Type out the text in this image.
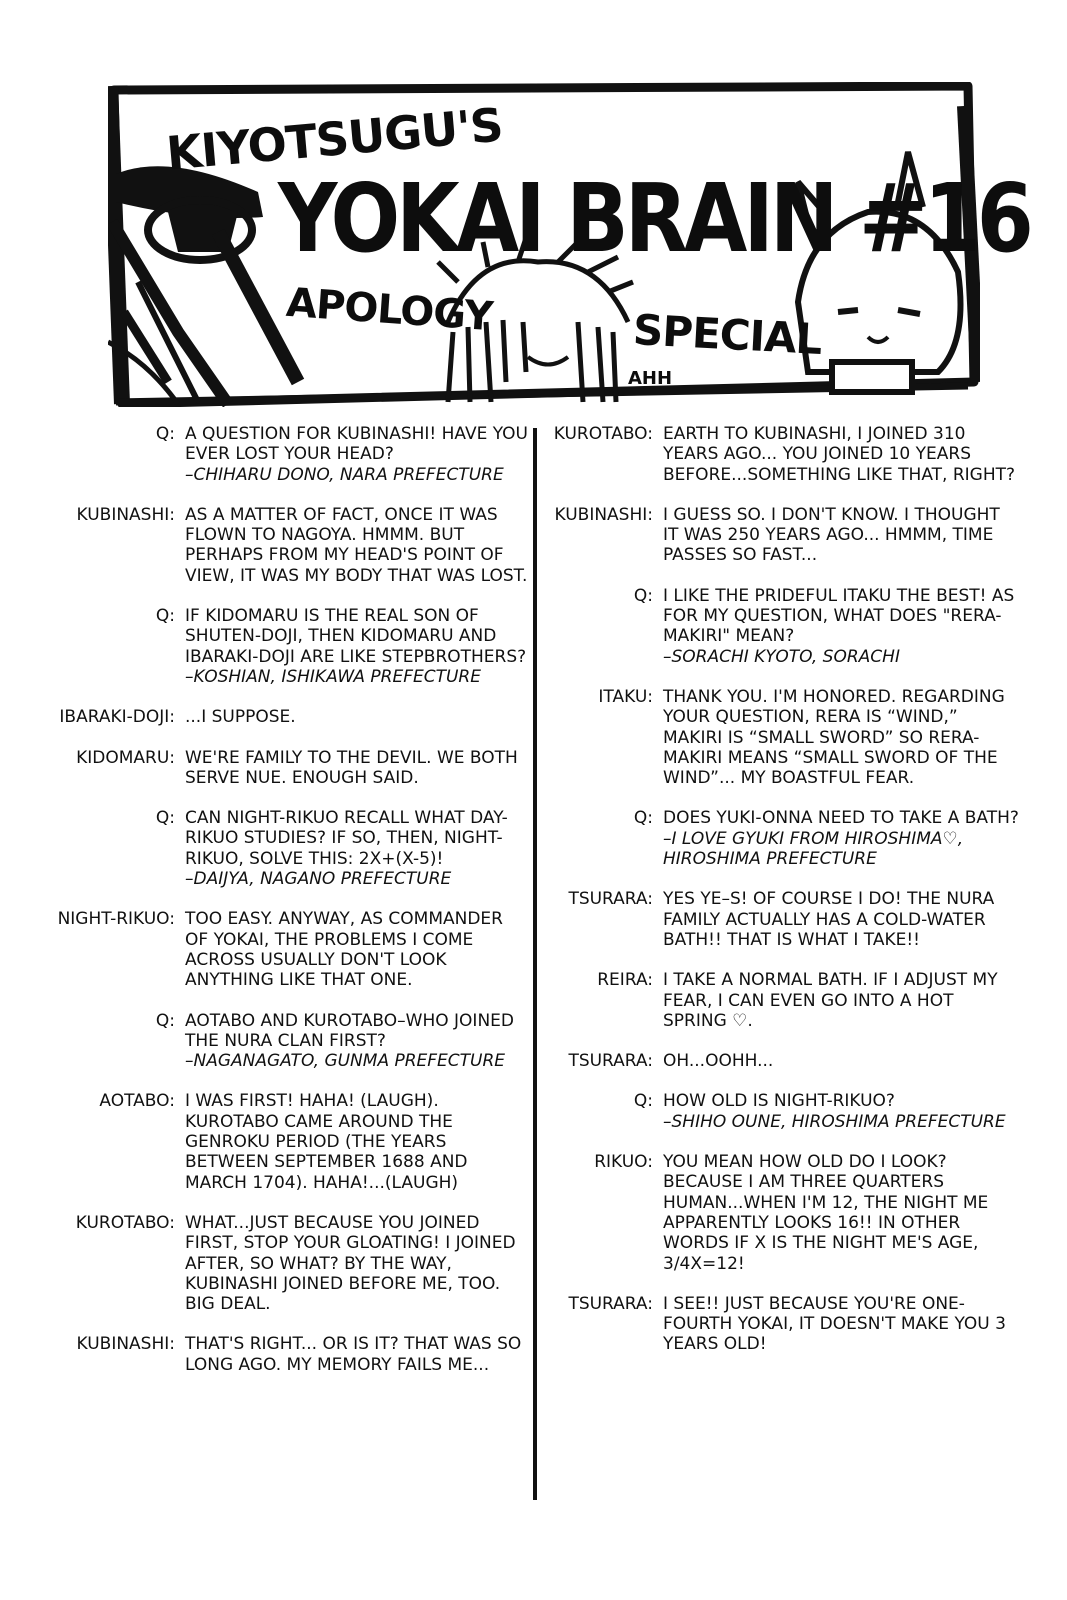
KIYOTSUGU'S
YOKAI BRAIN #16
APOLOGY	SPECIAL
AHH
Q: A QUESTION FOR KUBINASHI! HAVE YOU EVER LOST YOUR HEAD?
–CHIHARU DONO, NARA PREFECTURE
KUBINASHI: AS A MATTER OF FACT, ONCE IT WAS FLOWN TO NAGOYA. HMMM. BUT PERHAPS FROM MY HEAD'S POINT OF VIEW, IT WAS MY BODY THAT WAS LOST.
Q: IF KIDOMARU IS THE REAL SON OF SHUTEN-DOJI, THEN KIDOMARU AND IBARAKI-DOJI ARE LIKE STEPBROTHERS?
–KOSHIAN, ISHIKAWA PREFECTURE
IBARAKI-DOJI: ...I SUPPOSE.
KIDOMARU: WE'RE FAMILY TO THE DEVIL. WE BOTH SERVE NUE. ENOUGH SAID.
Q: CAN NIGHT-RIKUO RECALL WHAT DAY-RIKUO STUDIES? IF SO, THEN, NIGHT-RIKUO, SOLVE THIS: 2X+(X-5)!
–DAIJYA, NAGANO PREFECTURE
NIGHT-RIKUO: TOO EASY. ANYWAY, AS COMMANDER OF YOKAI, THE PROBLEMS I COME ACROSS USUALLY DON'T LOOK ANYTHING LIKE THAT ONE.
Q: AOTABO AND KUROTABO–WHO JOINED THE NURA CLAN FIRST?
–NAGANAGATO, GUNMA PREFECTURE
AOTABO: I WAS FIRST! HAHA! (LAUGH). KUROTABO CAME AROUND THE GENROKU PERIOD (THE YEARS BETWEEN SEPTEMBER 1688 AND MARCH 1704). HAHA!...(LAUGH)
KUROTABO: WHAT...JUST BECAUSE YOU JOINED FIRST, STOP YOUR GLOATING! I JOINED AFTER, SO WHAT? BY THE WAY, KUBINASHI JOINED BEFORE ME, TOO. BIG DEAL.
KUBINASHI: THAT'S RIGHT... OR IS IT? THAT WAS SO LONG AGO. MY MEMORY FAILS ME...
KUROTABO: EARTH TO KUBINASHI, I JOINED 310 YEARS AGO... YOU JOINED 10 YEARS BEFORE...SOMETHING LIKE THAT, RIGHT?
KUBINASHI: I GUESS SO. I DON'T KNOW. I THOUGHT IT WAS 250 YEARS AGO... HMMM, TIME PASSES SO FAST...
Q: I LIKE THE PRIDEFUL ITAKU THE BEST! AS FOR MY QUESTION, WHAT DOES "RERA-MAKIRI" MEAN?
–SORACHI KYOTO, SORACHI
ITAKU: THANK YOU. I'M HONORED. REGARDING YOUR QUESTION, RERA IS “WIND,” MAKIRI IS “SMALL SWORD” SO RERA-MAKIRI MEANS “SMALL SWORD OF THE WIND”... MY BOASTFUL FEAR.
Q: DOES YUKI-ONNA NEED TO TAKE A BATH?
–I LOVE GYUKI FROM HIROSHIMA♡, HIROSHIMA PREFECTURE
TSURARA: YES YE–S! OF COURSE I DO! THE NURA FAMILY ACTUALLY HAS A COLD-WATER BATH!! THAT IS WHAT I TAKE!!
REIRA: I TAKE A NORMAL BATH. IF I ADJUST MY FEAR, I CAN EVEN GO INTO A HOT SPRING ♡.
TSURARA: OH...OOHH...
Q: HOW OLD IS NIGHT-RIKUO?
–SHIHO OUNE, HIROSHIMA PREFECTURE
RIKUO: YOU MEAN HOW OLD DO I LOOK? BECAUSE I AM THREE QUARTERS HUMAN...WHEN I'M 12, THE NIGHT ME APPARENTLY LOOKS 16!! IN OTHER WORDS IF X IS THE NIGHT ME'S AGE, 3/4X=12!
TSURARA: I SEE!! JUST BECAUSE YOU'RE ONE-FOURTH YOKAI, IT DOESN'T MAKE YOU 3 YEARS OLD!
